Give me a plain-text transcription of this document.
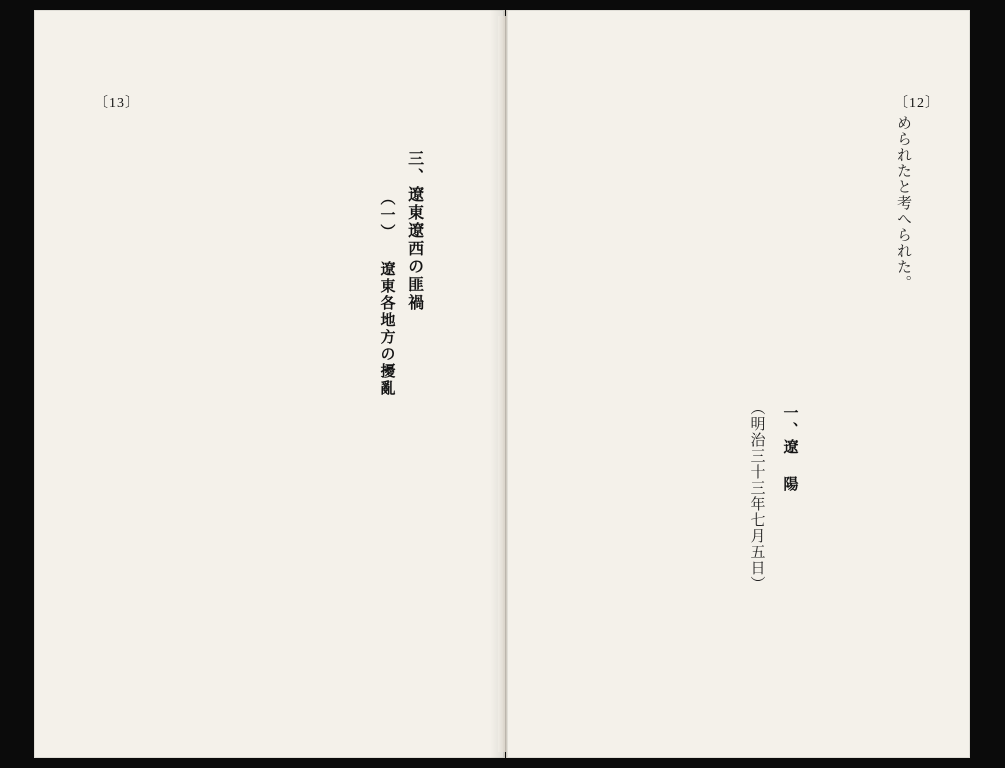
〔13〕
三、遼東遼西の匪禍
（一） 遼東各地方の擾亂
〔12〕
められたと考へられた。
一、遼 陽
（明治三十三年七月五日）
